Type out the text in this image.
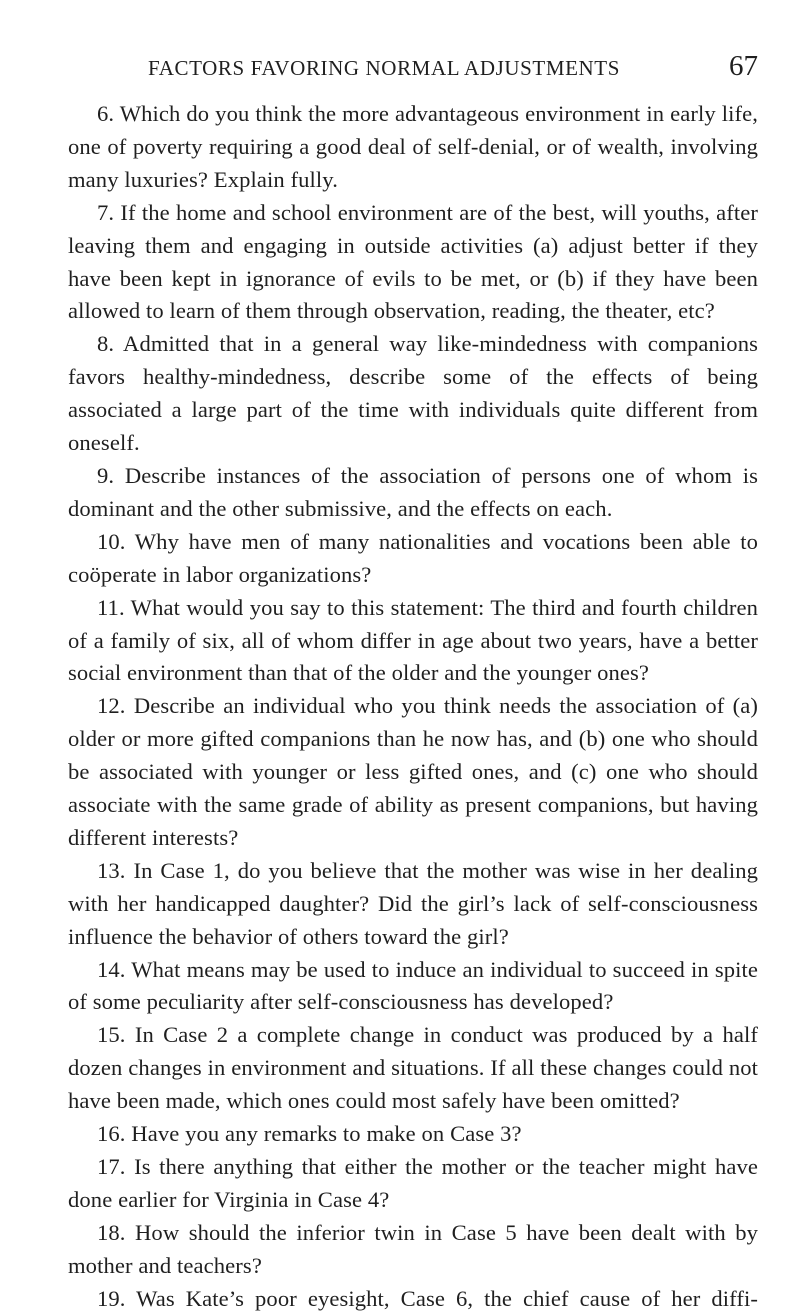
FACTORS FAVORING NORMAL ADJUSTMENTS	67

6. Which do you think the more advantageous environment in early life, one of poverty requiring a good deal of self-denial, or of wealth, involving many luxuries? Explain fully.

7. If the home and school environment are of the best, will youths, after leaving them and engaging in outside activities (a) adjust better if they have been kept in ignorance of evils to be met, or (b) if they have been allowed to learn of them through observation, reading, the theater, etc?

8. Admitted that in a general way like-mindedness with companions favors healthy-mindedness, describe some of the effects of being associated a large part of the time with individuals quite different from oneself.

9. Describe instances of the association of persons one of whom is dominant and the other submissive, and the effects on each.

10. Why have men of many nationalities and vocations been able to coöperate in labor organizations?

11. What would you say to this statement: The third and fourth children of a family of six, all of whom differ in age about two years, have a better social environment than that of the older and the younger ones?

12. Describe an individual who you think needs the association of (a) older or more gifted companions than he now has, and (b) one who should be associated with younger or less gifted ones, and (c) one who should associate with the same grade of ability as present companions, but having different interests?

13. In Case 1, do you believe that the mother was wise in her dealing with her handicapped daughter? Did the girl’s lack of self-consciousness influence the behavior of others toward the girl?

14. What means may be used to induce an individual to succeed in spite of some peculiarity after self-consciousness has developed?

15. In Case 2 a complete change in conduct was produced by a half dozen changes in environment and situations. If all these changes could not have been made, which ones could most safely have been omitted?

16. Have you any remarks to make on Case 3?

17. Is there anything that either the mother or the teacher might have done earlier for Virginia in Case 4?

18. How should the inferior twin in Case 5 have been dealt with by mother and teachers?

19. Was Kate’s poor eyesight, Case 6, the chief cause of her diffi-
